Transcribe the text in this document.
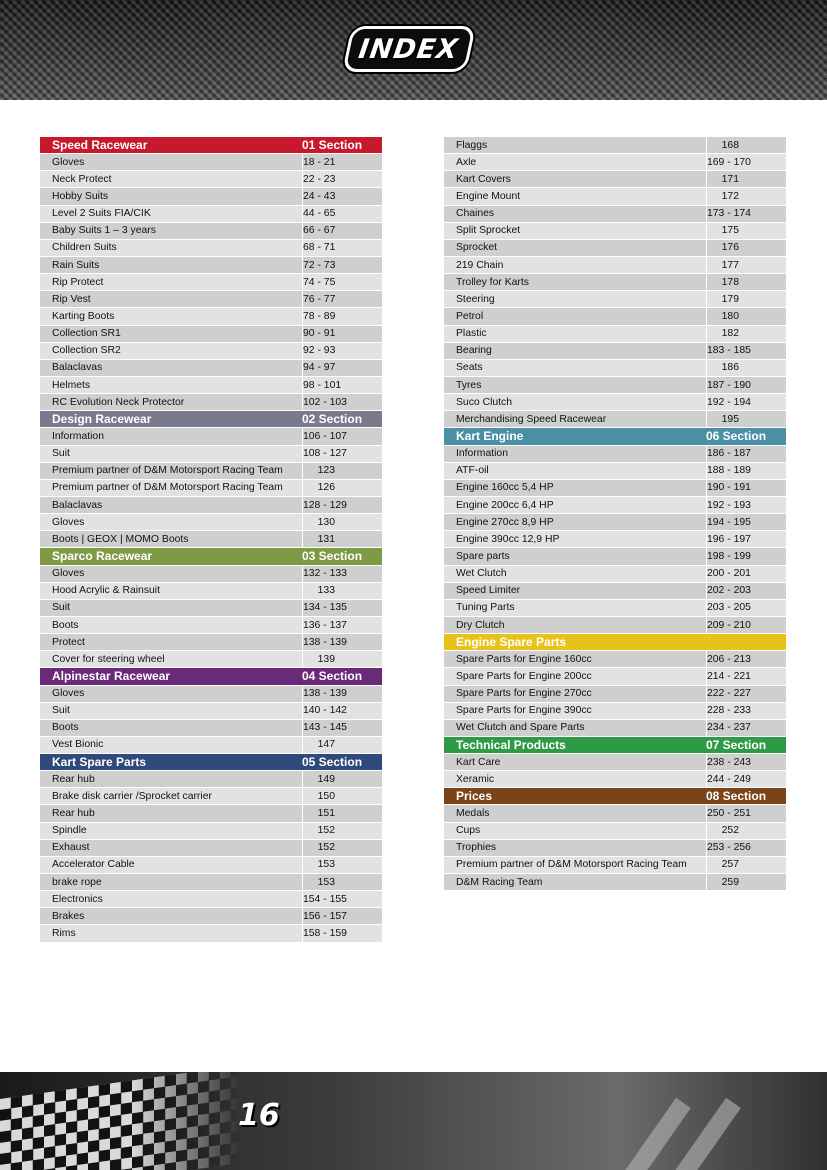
INDEX
Speed Racewear	01 Section
Gloves	18 - 21
Neck Protect	22 - 23
Hobby Suits	24 - 43
Level 2 Suits FIA/CIK	44 - 65
Baby Suits 1 – 3 years	66 - 67
Children Suits	68 - 71
Rain Suits	72 - 73
Rip Protect	74 - 75
Rip Vest	76 - 77
Karting Boots	78 - 89
Collection SR1	90 - 91
Collection SR2	92 - 93
Balaclavas	94 - 97
Helmets	98 - 101
RC Evolution Neck Protector	102 - 103
Design Racewear	02 Section
Information	106 - 107
Suit	108 - 127
Premium partner of D&M Motorsport Racing Team	123
Premium partner of D&M Motorsport Racing Team	126
Balaclavas	128 - 129
Gloves	130
Boots | GEOX | MOMO Boots	131
Sparco Racewear	03 Section
Gloves	132 - 133
Hood Acrylic & Rainsuit	133
Suit	134 - 135
Boots	136 - 137
Protect	138 - 139
Cover for steering wheel	139
Alpinestar Racewear	04 Section
Gloves	138 - 139
Suit	140 - 142
Boots	143 - 145
Vest Bionic	147
Kart Spare Parts	05 Section
Rear hub	149
Brake disk carrier /Sprocket carrier	150
Rear hub	151
Spindle	152
Exhaust	152
Accelerator Cable	153
brake rope	153
Electronics	154 - 155
Brakes	156 - 157
Rims	158 - 159
Flaggs	168
Axle	169 - 170
Kart Covers	171
Engine Mount	172
Chaines	173 - 174
Split Sprocket	175
Sprocket	176
219 Chain	177
Trolley for Karts	178
Steering	179
Petrol	180
Plastic	182
Bearing	183 - 185
Seats	186
Tyres	187 - 190
Suco Clutch	192 - 194
Merchandising Speed Racewear	195
Kart Engine	06 Section
Information	186 - 187
ATF-oil	188 - 189
Engine 160cc 5,4 HP	190 - 191
Engine 200cc 6,4 HP	192 - 193
Engine 270cc 8,9 HP	194 - 195
Engine 390cc 12,9 HP	196 - 197
Spare parts	198 - 199
Wet Clutch	200 - 201
Speed Limiter	202 - 203
Tuning Parts	203 - 205
Dry Clutch	209 - 210
Engine Spare Parts
Spare Parts for Engine 160cc	206 - 213
Spare Parts for Engine 200cc	214 - 221
Spare Parts for Engine 270cc	222 - 227
Spare Parts for Engine 390cc	228 - 233
Wet Clutch and Spare Parts	234 - 237
Technical Products	07 Section
Kart Care	238 - 243
Xeramic	244 - 249
Prices	08 Section
Medals	250 - 251
Cups	252
Trophies	253 - 256
Premium partner of D&M Motorsport Racing Team	257
D&M Racing Team	259
16
